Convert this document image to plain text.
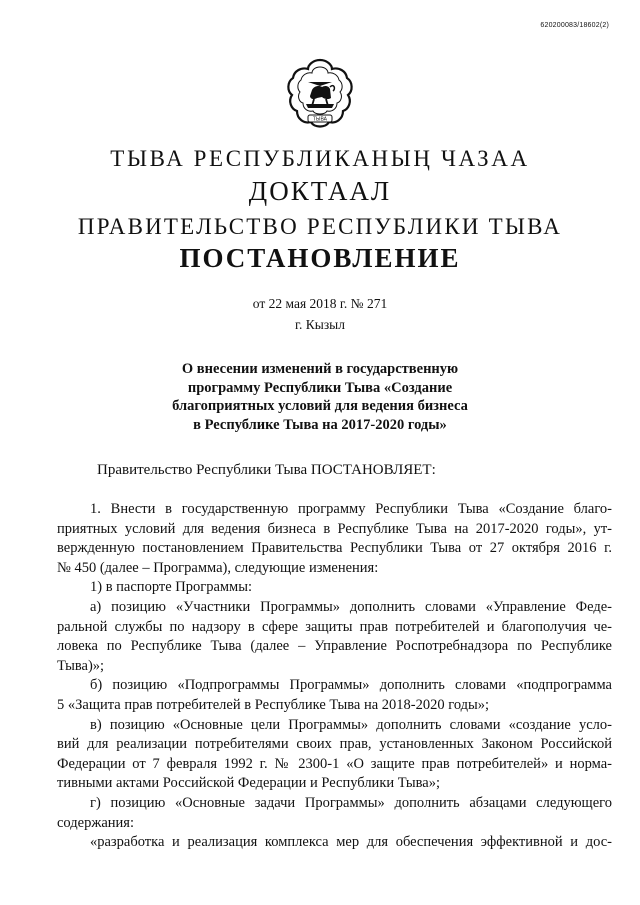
620200083/18602(2)
ТЫВА
ТЫВА РЕСПУБЛИКАНЫҢ ЧАЗАА
ДОКТААЛ
ПРАВИТЕЛЬСТВО РЕСПУБЛИКИ ТЫВА
ПОСТАНОВЛЕНИЕ
от 22 мая 2018 г. № 271
г. Кызыл
О внесении изменений в государственную
программу Республики Тыва «Создание
благоприятных условий для ведения бизнеса
в Республике Тыва на 2017-2020 годы»
Правительство Республики Тыва ПОСТАНОВЛЯЕТ:
1. Внести в государственную программу Республики Тыва «Создание благо-
приятных условий для ведения бизнеса в Республике Тыва на 2017-2020 годы», ут-
вержденную постановлением Правительства Республики Тыва от 27 октября 2016 г.
№ 450 (далее – Программа), следующие изменения:
1) в паспорте Программы:
а) позицию «Участники Программы» дополнить словами «Управление Феде-
ральной службы по надзору в сфере защиты прав потребителей и благополучия че-
ловека по Республике Тыва (далее – Управление Роспотребнадзора по Республике
Тыва)»;
б) позицию «Подпрограммы Программы» дополнить словами «подпрограмма
5 «Защита прав потребителей в Республике Тыва на 2018-2020 годы»;
в) позицию «Основные цели Программы» дополнить словами «создание усло-
вий для реализации потребителями своих прав, установленных Законом Российской
Федерации от 7 февраля 1992 г. № 2300-1 «О защите прав потребителей» и норма-
тивными актами Российской Федерации и Республики Тыва»;
г) позицию «Основные задачи Программы» дополнить абзацами следующего
содержания:
«разработка и реализация комплекса мер для обеспечения эффективной и дос-
